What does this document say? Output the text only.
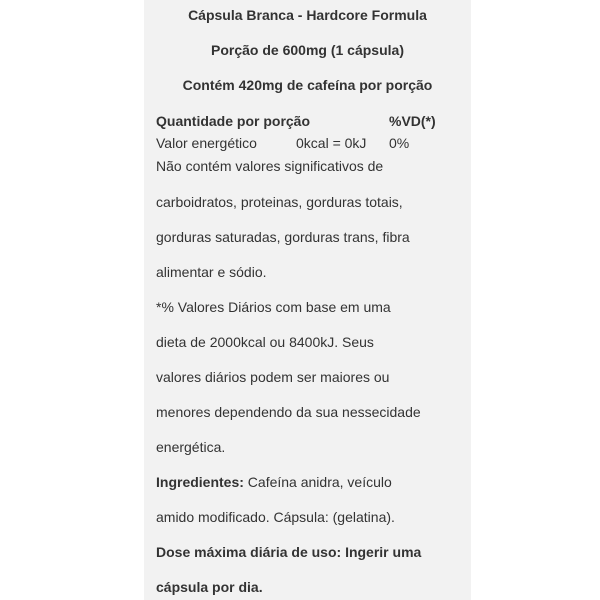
Cápsula Branca - Hardcore Formula
Porção de 600mg (1 cápsula)
Contém 420mg de cafeína por porção
Quantidade por porção	%VD(*)
Valor energético	0kcal = 0kJ 0%
Não contém valores significativos de
carboidratos, proteinas, gorduras totais,
gorduras saturadas, gorduras trans, fibra
alimentar e sódio.
*% Valores Diários com base em uma
dieta de 2000kcal ou 8400kJ. Seus
valores diários podem ser maiores ou
menores dependendo da sua nessecidade
energética.
Ingredientes: Cafeína anidra, veículo
amido modificado. Cápsula: (gelatina).
Dose máxima diária de uso: Ingerir uma
cápsula por dia.
